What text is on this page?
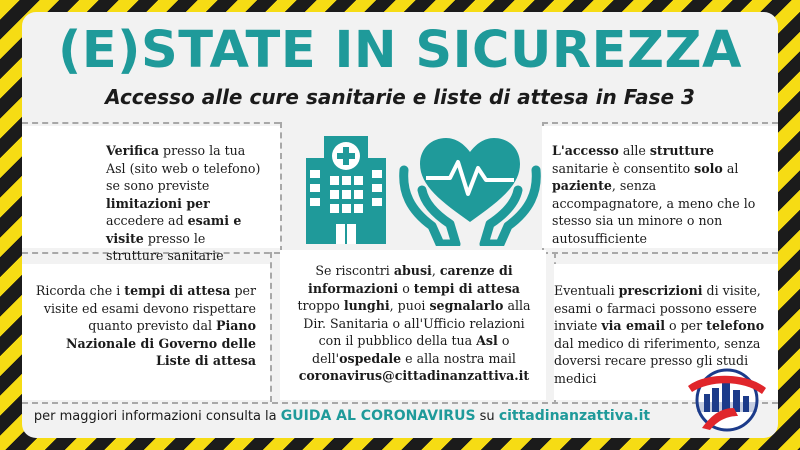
(E)STATE IN SICUREZZA
Accesso alle cure sanitarie e liste di attesa in Fase 3
Verifica presso la tua Asl (sito web o telefono) se sono previste limitazioni per accedere ad esami e visite presso le strutture sanitarie
Ricorda che i tempi di attesa per visite ed esami devono rispettare quanto previsto dal Piano Nazionale di Governo delle Liste di attesa
L'accesso alle strutture sanitarie è consentito solo al paziente, senza accompagnatore, a meno che lo stesso sia un minore o non autosufficiente
Eventuali prescrizioni di visite, esami o farmaci possono essere inviate via email o per telefono dal medico di riferimento, senza doversi recare presso gli studi medici
Se riscontri abusi, carenze di informazioni o tempi di attesa troppo lunghi, puoi segnalarlo alla Dir. Sanitaria o all'Ufficio relazioni con il pubblico della tua Asl o dell'ospedale e alla nostra mail coronavirus@cittadinanzattiva.it
per maggiori informazioni consulta la GUIDA AL CORONAVIRUS su cittadinanzattiva.it
